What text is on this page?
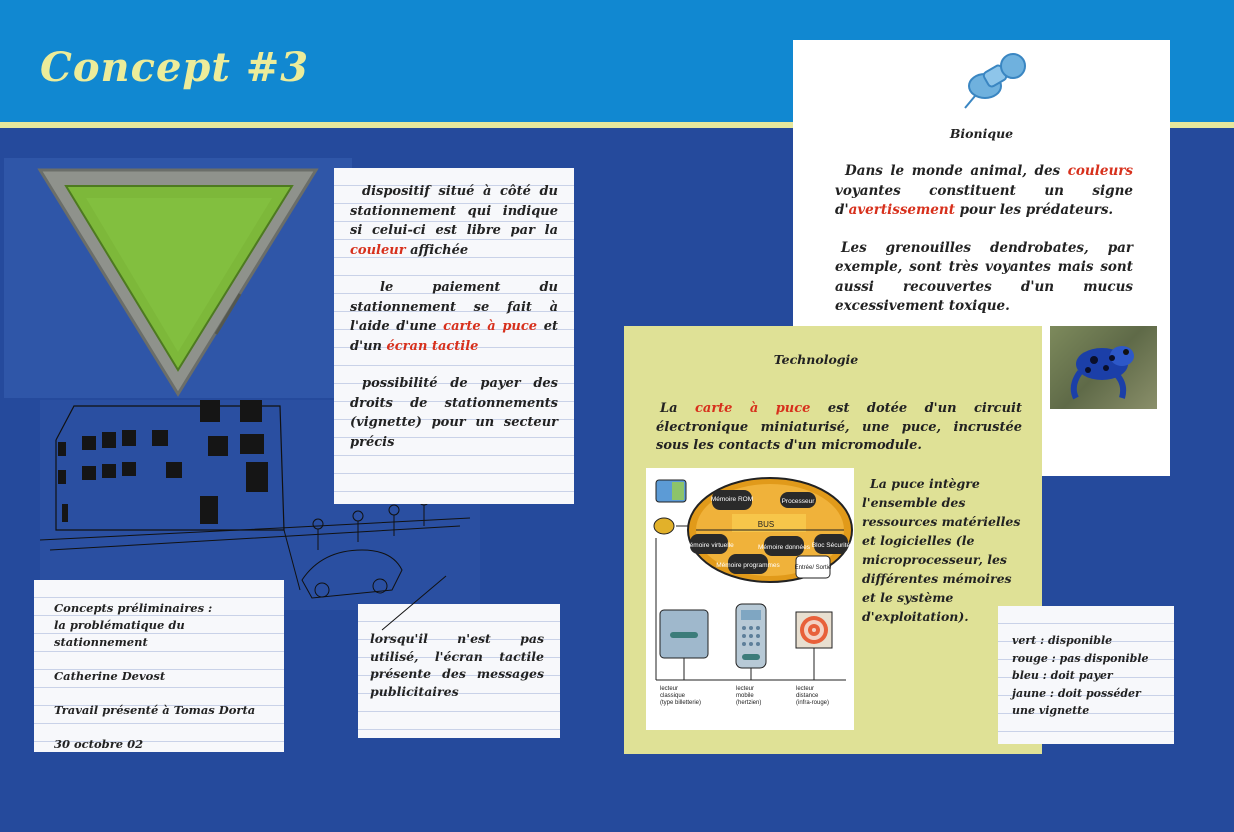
Concept #3

dispositif situé à côté du stationnement qui indique si celui-ci est libre par la couleur affichée

le paiement du stationnement se fait à l'aide d'une carte à puce et d'un écran tactile

possibilité de payer des droits de stationnements (vignette) pour un secteur précis

Concepts préliminaires :
la problématique du stationnement
Catherine Devost
Travail présenté à Tomas Dorta
30 octobre 02
lorsqu'il n'est pas utilisé, l'écran tactile présente des messages publicitaires
Bionique

Dans le monde animal, des couleurs voyantes constituent un signe d'avertissement pour les prédateurs.

Les grenouilles dendrobates, par exemple, sont très voyantes mais sont aussi recouvertes d'un mucus excessivement toxique.

Technologie
La carte à puce est dotée d'un circuit électronique miniaturisé, une puce, incrustée sous les contacts d'un micromodule.
BUS
Mémoire ROM	Processeur
Mémoire virtuelle
Mémoire programmes
Mémoire données Bloc Sécurité
Entrée/ Sortie
lecteur
classique
(type billetterie)
lecteur
mobile
(hertzien)
lecteur
distance
(infra-rouge)
La puce intègre l'ensemble des ressources matérielles et logicielles (le microprocesseur, les différentes mémoires et le système d'exploitation).
vert : disponible
rouge : pas disponible
bleu : doit payer
jaune : doit posséder une vignette
